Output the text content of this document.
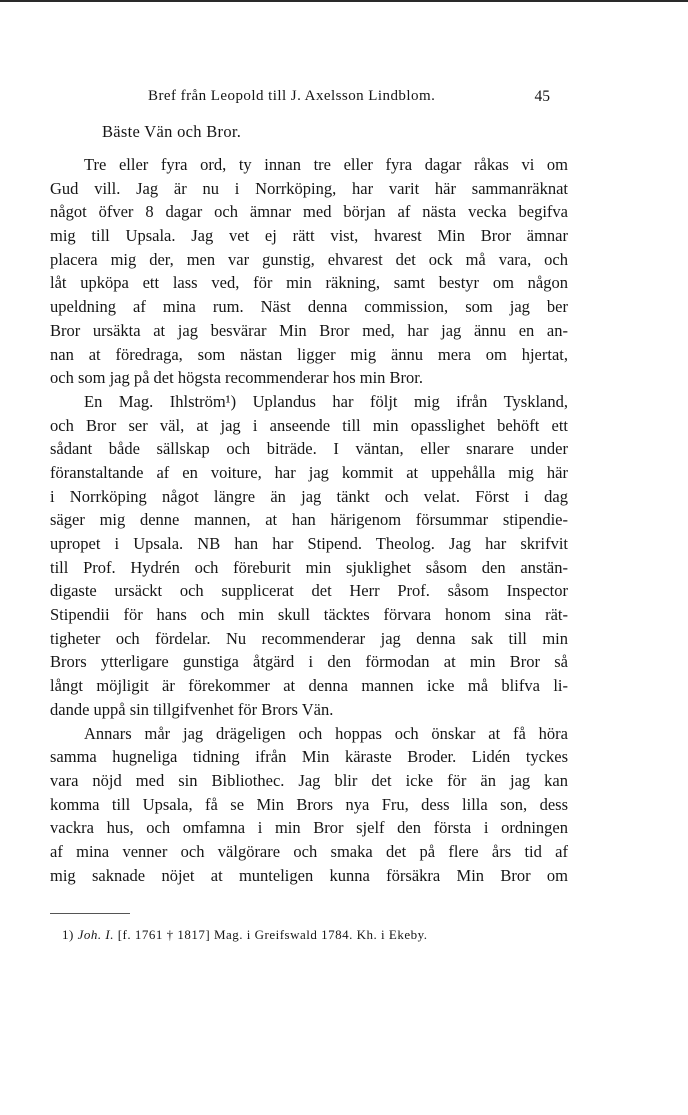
Bref från Leopold till J. Axelsson Lindblom.	45
Bäste Vän och Bror.
Tre eller fyra ord, ty innan tre eller fyra dagar råkas vi om
Gud vill. Jag är nu i Norrköping, har varit här sammanräknat
något öfver 8 dagar och ämnar med början af nästa vecka begifva
mig till Upsala. Jag vet ej rätt vist, hvarest Min Bror ämnar
placera mig der, men var gunstig, ehvarest det ock må vara, och
låt upköpa ett lass ved, för min räkning, samt bestyr om någon
upeldning af mina rum. Näst denna commission, som jag ber
Bror ursäkta at jag besvärar Min Bror med, har jag ännu en an-
nan at föredraga, som nästan ligger mig ännu mera om hjertat,
och som jag på det högsta recommenderar hos min Bror.
En Mag. Ihlström¹) Uplandus har följt mig ifrån Tyskland,
och Bror ser väl, at jag i anseende till min opasslighet behöft ett
sådant både sällskap och biträde. I väntan, eller snarare under
föranstaltande af en voiture, har jag kommit at uppehålla mig här
i Norrköping något längre än jag tänkt och velat. Först i dag
säger mig denne mannen, at han härigenom försummar stipendie-
upropet i Upsala. NB han har Stipend. Theolog. Jag har skrifvit
till Prof. Hydrén och föreburit min sjuklighet såsom den anstän-
digaste ursäckt och supplicerat det Herr Prof. såsom Inspector
Stipendii för hans och min skull täcktes förvara honom sina rät-
tigheter och fördelar. Nu recommenderar jag denna sak till min
Brors ytterligare gunstiga åtgärd i den förmodan at min Bror så
långt möjligit är förekommer at denna mannen icke må blifva li-
dande uppå sin tillgifvenhet för Brors Vän.
Annars mår jag drägeligen och hoppas och önskar at få höra
samma hugneliga tidning ifrån Min käraste Broder. Lidén tyckes
vara nöjd med sin Bibliothec. Jag blir det icke för än jag kan
komma till Upsala, få se Min Brors nya Fru, dess lilla son, dess
vackra hus, och omfamna i min Bror sjelf den första i ordningen
af mina venner och välgörare och smaka det på flere års tid af
mig saknade nöjet at munteligen kunna försäkra Min Bror om
1) Joh. I. [f. 1761 † 1817] Mag. i Greifswald 1784. Kh. i Ekeby.
